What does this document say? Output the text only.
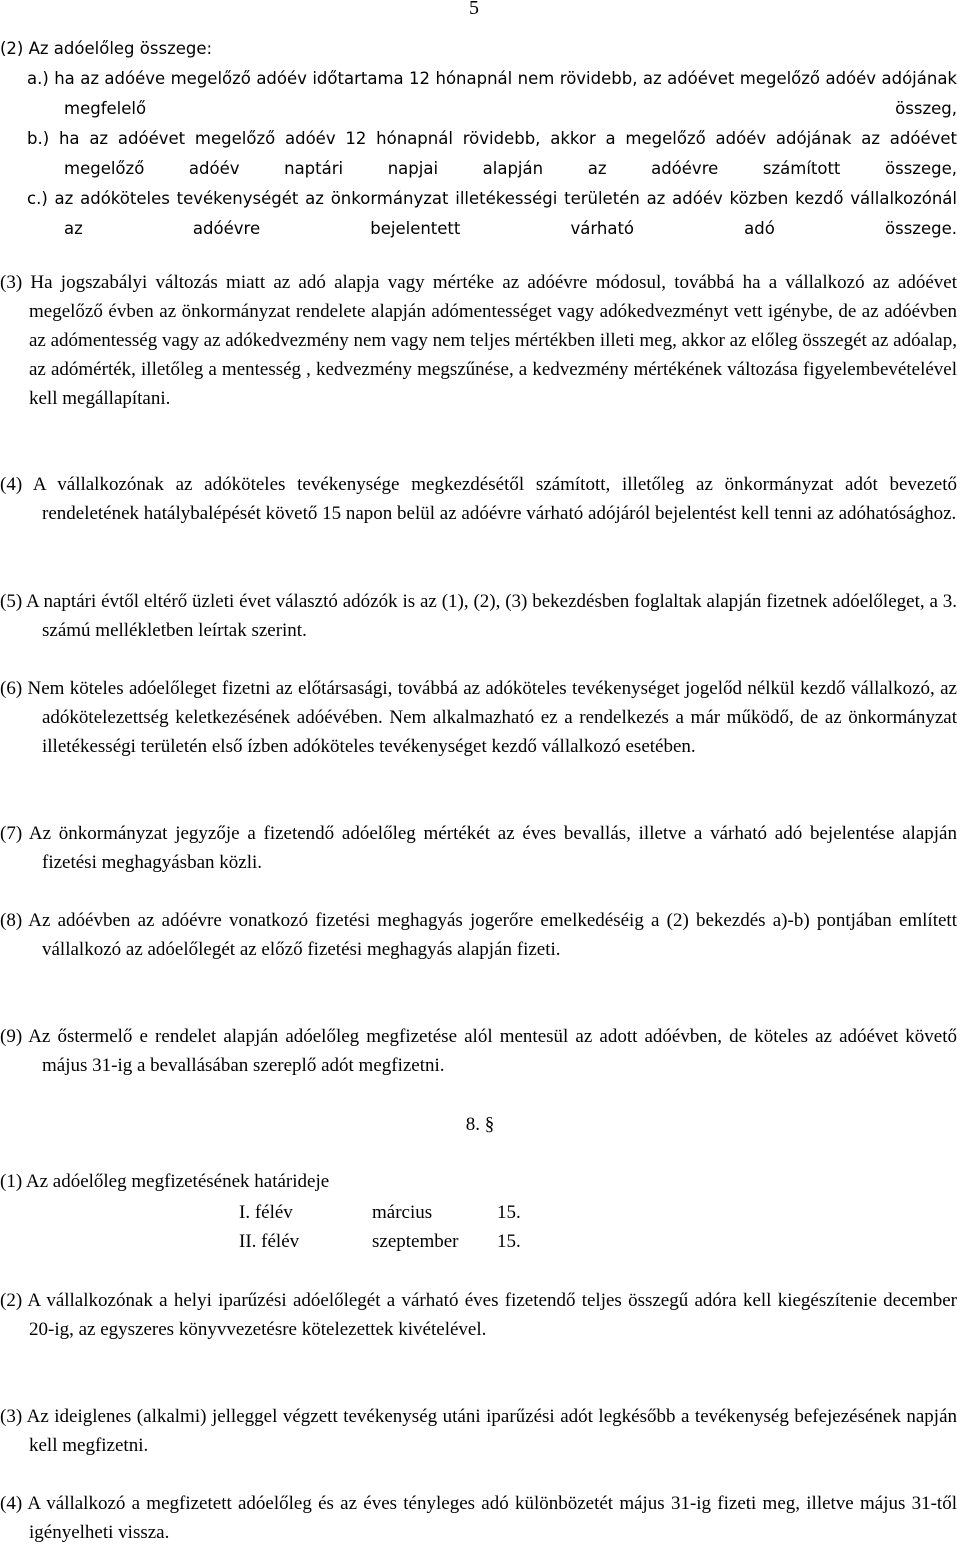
5

(2) Az adóelőleg összege:

a.) ha az adóéve megelőző adóév időtartama 12 hónapnál nem rövidebb, az adóévet megelőző adóév adójának megfelelő összeg,

b.) ha az adóévet megelőző adóév 12 hónapnál rövidebb, akkor a megelőző adóév adójának az adóévet megelőző adóév naptári napjai alapján az adóévre számított összege,

c.) az adóköteles tevékenységét az önkormányzat illetékességi területén az adóév közben kezdő vállalkozónál az adóévre bejelentett várható adó összege.

(3) Ha jogszabályi változás miatt az adó alapja vagy mértéke az adóévre módosul, továbbá ha a vállalkozó az adóévet megelőző évben az önkormányzat rendelete alapján adómentességet vagy adókedvezményt vett igénybe, de az adóévben az adómentesség vagy az adókedvezmény nem vagy nem teljes mértékben illeti meg, akkor az előleg összegét az adóalap, az adómérték, illetőleg a mentesség , kedvezmény megszűnése, a kedvezmény mértékének változása figyelembevételével kell megállapítani.

(4) A vállalkozónak az adóköteles tevékenysége megkezdésétől számított, illetőleg az önkormányzat adót bevezető rendeletének hatálybalépését követő 15 napon belül az adóévre várható adójáról bejelentést kell tenni az adóhatósághoz.

(5) A naptári évtől eltérő üzleti évet választó adózók is az (1), (2), (3) bekezdésben foglaltak alapján fizetnek adóelőleget, a 3. számú mellékletben leírtak szerint.

(6) Nem köteles adóelőleget fizetni az előtársasági, továbbá az adóköteles tevékenységet jogelőd nélkül kezdő vállalkozó, az adókötelezettség keletkezésének adóévében. Nem alkalmazható ez a rendelkezés a már működő, de az önkormányzat illetékességi területén első ízben adóköteles tevékenységet kezdő vállalkozó esetében.

(7) Az önkormányzat jegyzője a fizetendő adóelőleg mértékét az éves bevallás, illetve a várható adó bejelentése alapján fizetési meghagyásban közli.

(8) Az adóévben az adóévre vonatkozó fizetési meghagyás jogerőre emelkedéséig a (2) bekezdés a)-b) pontjában említett vállalkozó az adóelőlegét az előző fizetési meghagyás alapján fizeti.

(9) Az őstermelő e rendelet alapján adóelőleg megfizetése alól mentesül az adott adóévben, de köteles az adóévet követő május 31-ig a bevallásában szereplő adót megfizetni.

8. §

(1) Az adóelőleg megfizetésének határideje

I. félév	március	15.
II. félév	szeptember 15.

(2) A vállalkozónak a helyi iparűzési adóelőlegét a várható éves fizetendő teljes összegű adóra kell kiegészítenie december 20-ig, az egyszeres könyvvezetésre kötelezettek kivételével.

(3) Az ideiglenes (alkalmi) jelleggel végzett tevékenység utáni iparűzési adót legkésőbb a tevékenység befejezésének napján kell megfizetni.

(4) A vállalkozó a megfizetett adóelőleg és az éves tényleges adó különbözetét május 31-ig fizeti meg, illetve május 31-től igényelheti vissza.
